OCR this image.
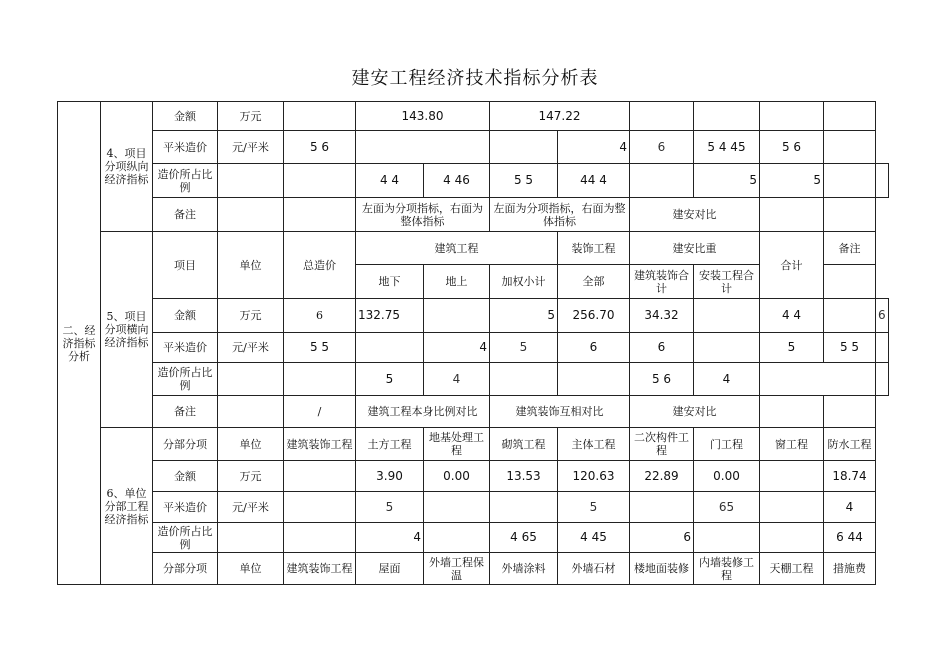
建安工程经济技术指标分析表
二、经济指标分析	4、项目分项纵向经济指标	金额	万元		143.80		147.22						
		平米造价	元/平米	5 6				4	6	5 4 45	5 6		
		造价所占比例			4 4	4 46	5 5	44 4		5	5		
		备注			左面为分项指标，右面为整体指标		左面为分项指标，右面为整体指标		建安对比				
	5、项目分项横向经济指标	项目	单位	总造价	建筑工程			装饰工程	建安比重		合计	备注	
					地下	地上	加权小计	全部	建筑装饰合计	安装工程合计			
		金额	万元	6	132.75		5	256.70	34.32		4 4		6
		平米造价	元/平米	5 5		4	5	6	6		5	5 5	
		造价所占比例			5	4			5 6	4			
		备注		/	建筑工程本身比例对比		建筑装饰互相对比		建安对比				
	6、单位分部工程经济指标	分部分项	单位	建筑装饰工程	土方工程	地基处理工程	砌筑工程	主体工程	二次构件工程	门工程	窗工程	防水工程	
		金额	万元		3.90	0.00	13.53	120.63	22.89	0.00		18.74	
		平米造价	元/平米		5			5		65		4	
		造价所占比例			4		4 65	4 45	6			6 44	
		分部分项	单位	建筑装饰工程	屋面	外墙工程保温	外墙涂料	外墙石材	楼地面装修	内墙装修工程	天棚工程	措施费	
